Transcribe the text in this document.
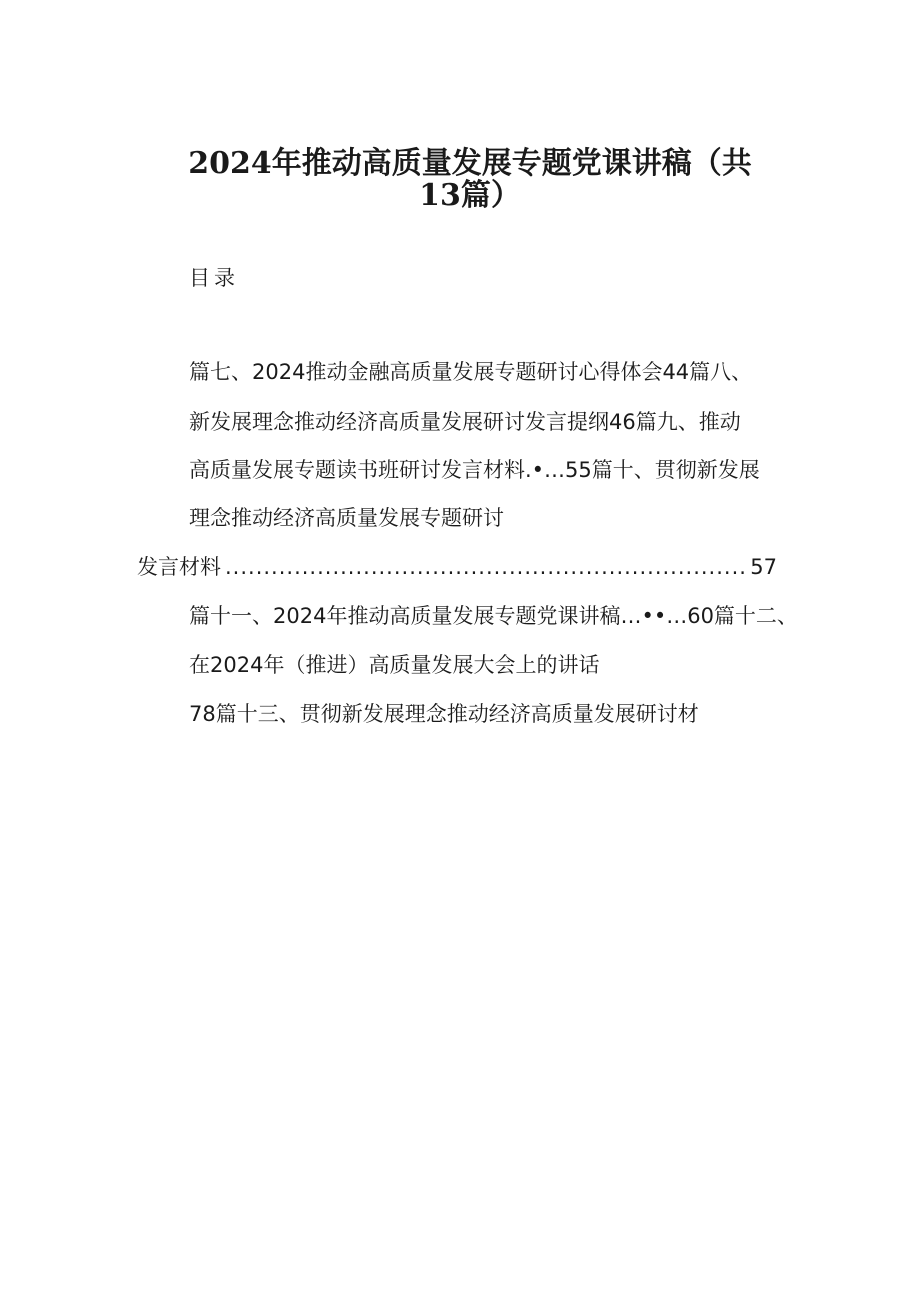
2024年推动高质量发展专题党课讲稿（共
13篇）
目录
篇七、2024推动金融高质量发展专题研讨心得体会44篇八、
新发展理念推动经济高质量发展研讨发言提纲46篇九、推动
高质量发展专题读书班研讨发言材料.•…55篇十、贯彻新发展
理念推动经济高质量发展专题研讨
发言材料
.....	57
篇十一、2024年推动高质量发展专题党课讲稿…••…60篇十二、
在2024年（推进）高质量发展大会上的讲话
78篇十三、贯彻新发展理念推动经济高质量发展研讨材
